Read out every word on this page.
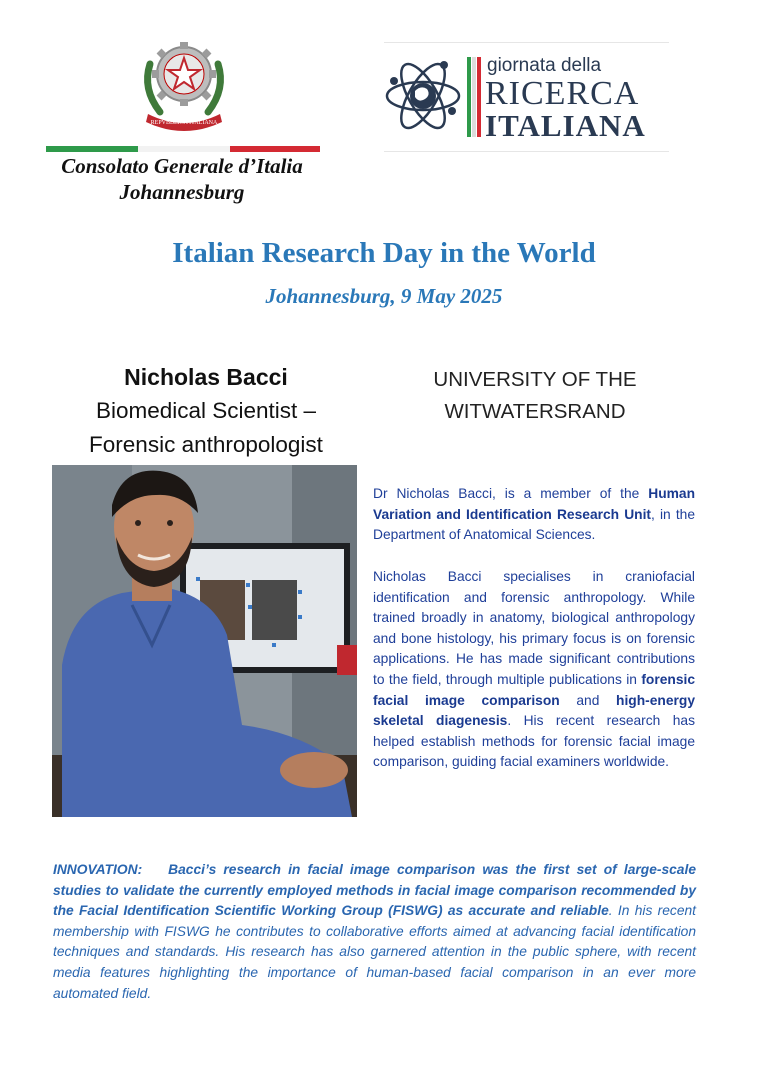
REPVBBLICA ITALIANA
Consolato Generale d’Italia
Johannesburg
giornata della
RICERCA
ITALIANA
Italian Research Day in the World
Johannesburg, 9 May 2025
Nicholas Bacci
Biomedical Scientist –
Forensic anthropologist
UNIVERSITY OF THE
WITWATERSRAND
Dr Nicholas Bacci, is a member of the Human Variation and Identification Research Unit, in the Department of Anatomical Sciences.
Nicholas Bacci specialises in craniofacial identification and forensic anthropology. While trained broadly in anatomy, biological anthropology and bone histology, his primary focus is on forensic applications. He has made significant contributions to the field, through multiple publications in forensic facial image comparison and high-energy skeletal diagenesis. His recent research has helped establish methods for forensic facial image comparison, guiding facial examiners worldwide.
INNOVATION: Bacci’s research in facial image comparison was the first set of large-scale studies to validate the currently employed methods in facial image comparison recommended by the Facial Identification Scientific Working Group (FISWG) as accurate and reliable. In his recent membership with FISWG he contributes to collaborative efforts aimed at advancing facial identification techniques and standards. His research has also garnered attention in the public sphere, with recent media features highlighting the importance of human-based facial comparison in an ever more automated field.
